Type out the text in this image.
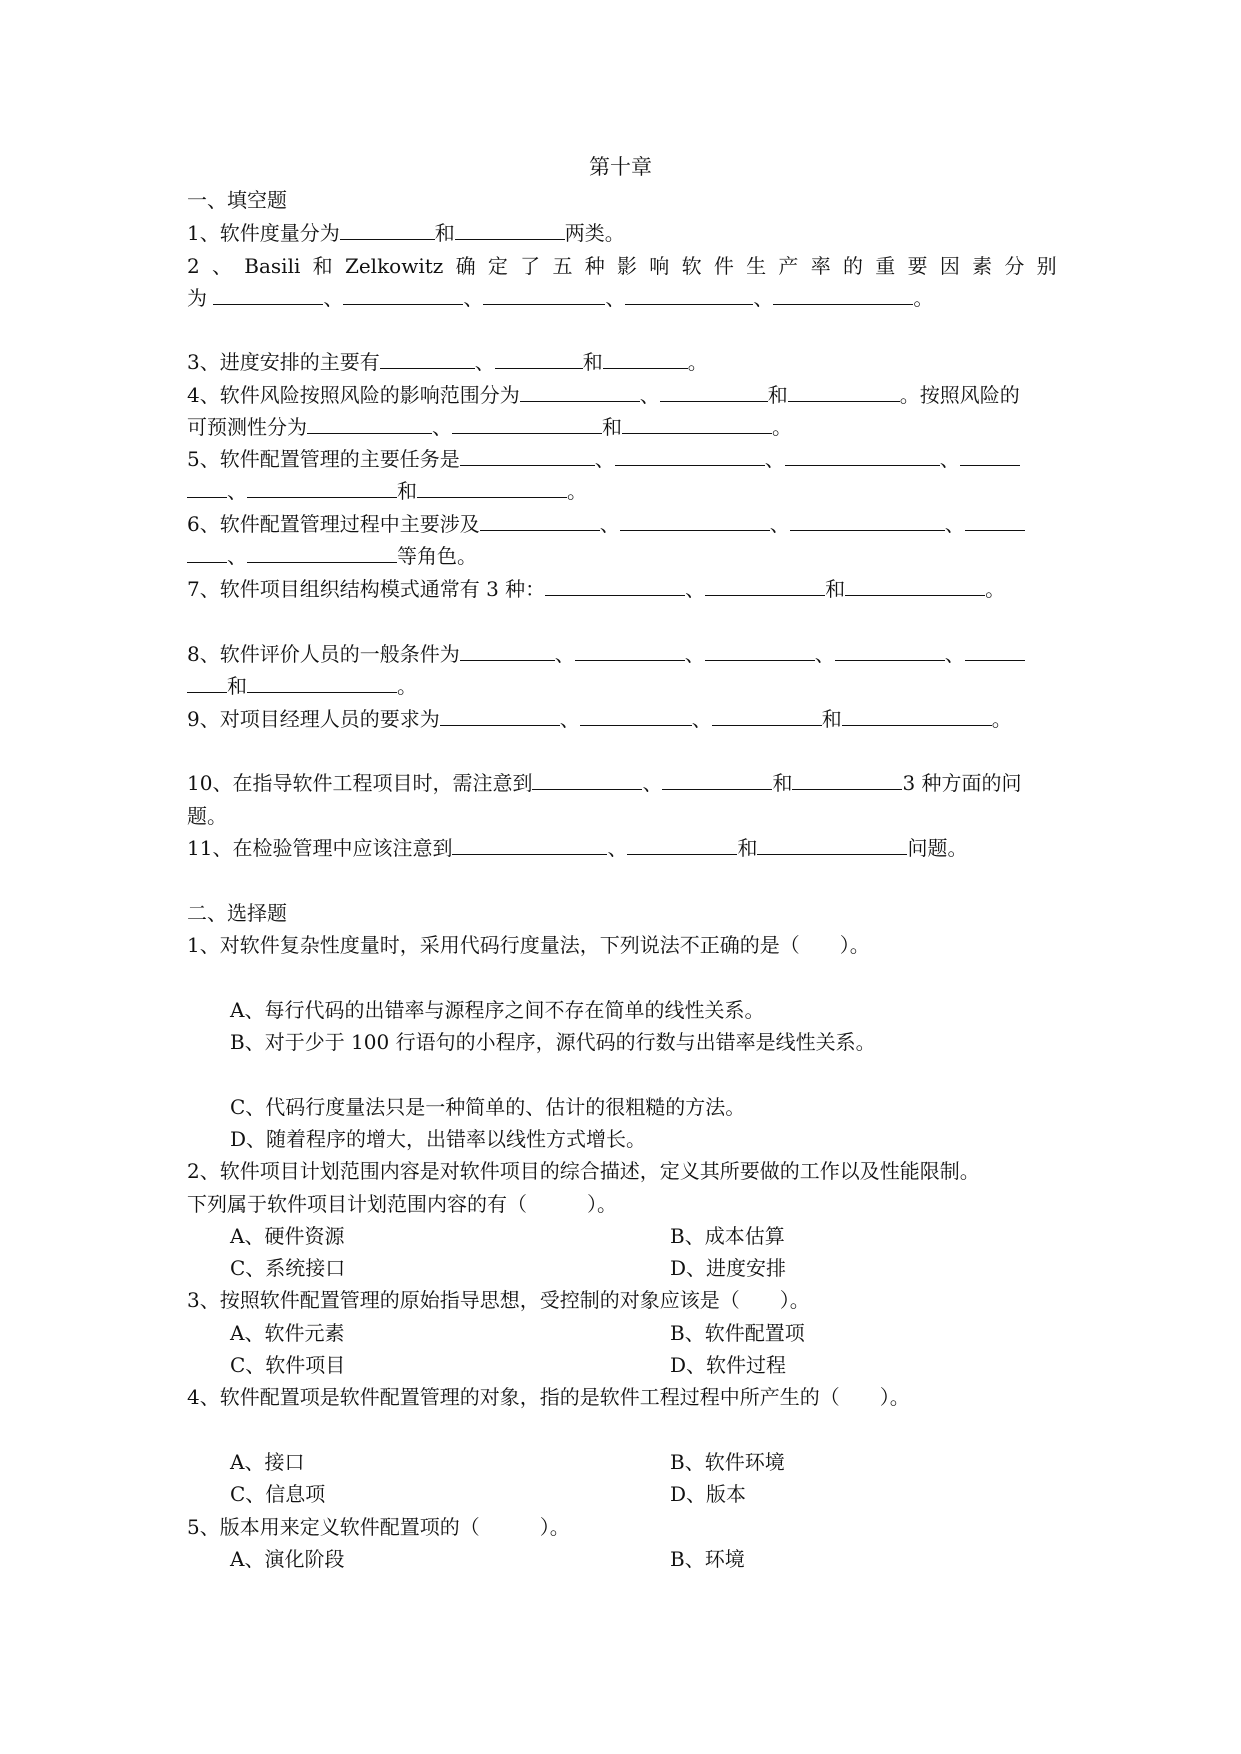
第十章
一、填空题
1、软件度量分为	和	两类。
2 、 Basili 和 Zelkowitz 确 定 了 五 种 影 响 软 件 生 产 率 的 重 要 因 素 分 别
为	、	、	、	、	。
3、进度安排的主要有	、	和	。
4、软件风险按照风险的影响范围分为	、	和	。按照风险的
可预测性分为	、	和	。
5、软件配置管理的主要任务是	、	、	、
、	和	。
6、软件配置管理过程中主要涉及	、	、	、
、	等角色。
7、软件项目组织结构模式通常有 3 种：	、	和	。
8、软件评价人员的一般条件为	、	、	、	、
和	。
9、对项目经理人员的要求为	、	、	和	。
10、在指导软件工程项目时，需注意到	、	和	3 种方面的问
题。
11、在检验管理中应该注意到	、	和	问题。
二、选择题
1、对软件复杂性度量时，采用代码行度量法，下列说法不正确的是（　　）。
A、每行代码的出错率与源程序之间不存在简单的线性关系。
B、对于少于 100 行语句的小程序，源代码的行数与出错率是线性关系。
C、代码行度量法只是一种简单的、估计的很粗糙的方法。
D、随着程序的增大，出错率以线性方式增长。
2、软件项目计划范围内容是对软件项目的综合描述，定义其所要做的工作以及性能限制。
下列属于软件项目计划范围内容的有（　　　）。
A、硬件资源	B、成本估算
C、系统接口	D、进度安排
3、按照软件配置管理的原始指导思想，受控制的对象应该是（　　）。
A、软件元素	B、软件配置项
C、软件项目	D、软件过程
4、软件配置项是软件配置管理的对象，指的是软件工程过程中所产生的（　　）。
A、接口	B、软件环境
C、信息项	D、版本
5、版本用来定义软件配置项的（　　　）。
A、演化阶段	B、环境
